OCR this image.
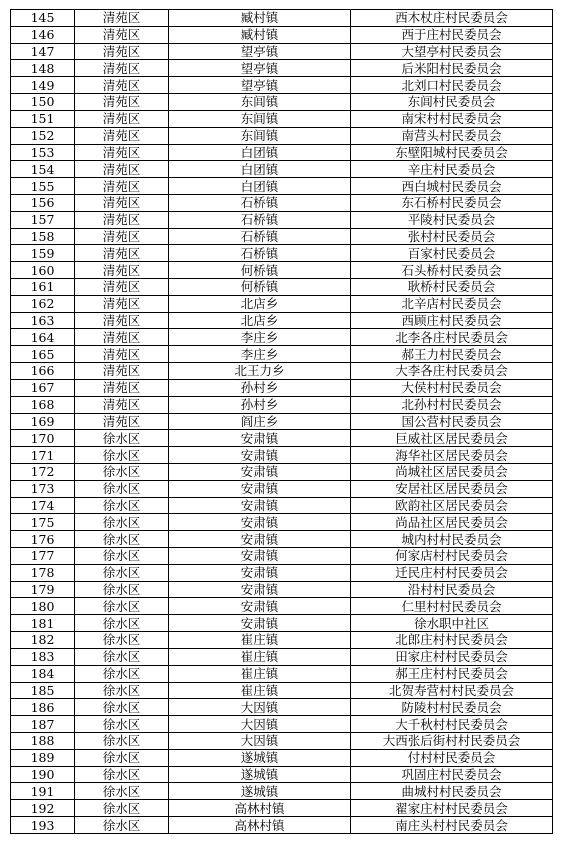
145	清苑区	臧村镇	西木杖庄村民委员会
146	清苑区	臧村镇	西于庄村民委员会
147	清苑区	望亭镇	大望亭村民委员会
148	清苑区	望亭镇	后米阳村民委员会
149	清苑区	望亭镇	北刘口村民委员会
150	清苑区	东闾镇	东闾村民委员会
151	清苑区	东闾镇	南宋村村民委员会
152	清苑区	东闾镇	南营头村民委员会
153	清苑区	白团镇	东壁阳城村民委员会
154	清苑区	白团镇	辛庄村民委员会
155	清苑区	白团镇	西白城村民委员会
156	清苑区	石桥镇	东石桥村民委员会
157	清苑区	石桥镇	平陵村民委员会
158	清苑区	石桥镇	张村村民委员会
159	清苑区	石桥镇	百家村民委员会
160	清苑区	何桥镇	石头桥村民委员会
161	清苑区	何桥镇	耿桥村民委员会
162	清苑区	北店乡	北辛店村民委员会
163	清苑区	北店乡	西顾庄村民委员会
164	清苑区	李庄乡	北李各庄村民委员会
165	清苑区	李庄乡	郝王力村民委员会
166	清苑区	北王力乡	大李各庄村民委员会
167	清苑区	孙村乡	大侯村村民委员会
168	清苑区	孙村乡	北孙村村民委员会
169	清苑区	阎庄乡	国公营村民委员会
170	徐水区	安肃镇	巨威社区居民委员会
171	徐水区	安肃镇	海华社区居民委员会
172	徐水区	安肃镇	尚城社区居民委员会
173	徐水区	安肃镇	安居社区居民委员会
174	徐水区	安肃镇	欧韵社区居民委员会
175	徐水区	安肃镇	尚品社区居民委员会
176	徐水区	安肃镇	城内村村民委员会
177	徐水区	安肃镇	何家店村村民委员会
178	徐水区	安肃镇	迁民庄村村民委员会
179	徐水区	安肃镇	沿村村民委员会
180	徐水区	安肃镇	仁里村村民委员会
181	徐水区	安肃镇	徐水职中社区
182	徐水区	崔庄镇	北郎庄村村民委员会
183	徐水区	崔庄镇	田家庄村村民委员会
184	徐水区	崔庄镇	郝王庄村村民委员会
185	徐水区	崔庄镇	北贺寿营村村民委员会
186	徐水区	大因镇	防陵村村民委员会
187	徐水区	大因镇	大千秋村村民委员会
188	徐水区	大因镇	大西张后街村村民委员会
189	徐水区	遂城镇	付村村民委员会
190	徐水区	遂城镇	巩固庄村民委员会
191	徐水区	遂城镇	曲城村村民委员会
192	徐水区	高林村镇	翟家庄村村民委员会
193	徐水区	高林村镇	南庄头村村民委员会
